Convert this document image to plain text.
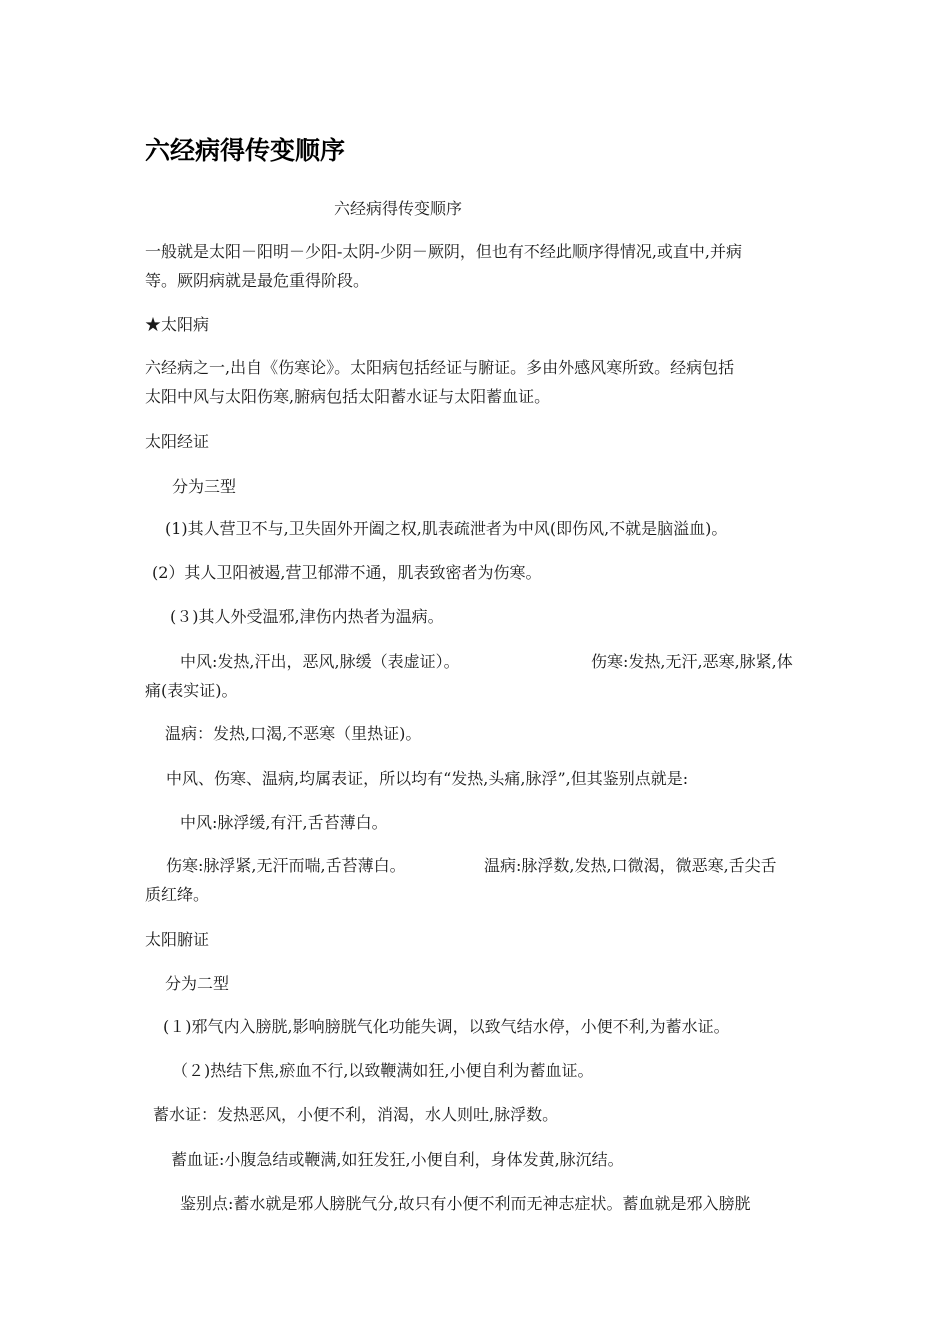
六经病得传变顺序
六经病得传变顺序
一般就是太阳－阳明－少阳-太阴-少阴－厥阴，但也有不经此顺序得情况,或直中,并病
等。厥阴病就是最危重得阶段。
★太阳病
六经病之一,出自《伤寒论》。太阳病包括经证与腑证。多由外感风寒所致。经病包括
太阳中风与太阳伤寒,腑病包括太阳蓄水证与太阳蓄血证。
太阳经证
分为三型
(1)其人营卫不与,卫失固外开阖之权,肌表疏泄者为中风(即伤风,不就是脑溢血)。
(2）其人卫阳被遏,营卫郁滞不通，肌表致密者为伤寒。
(３)其人外受温邪,津伤内热者为温病。
中风:发热,汗出，恶风,脉缓（表虚证）。	伤寒:发热,无汗,恶寒,脉紧,体
痛(表实证)。
温病：发热,口渴,不恶寒（里热证)。
中风、伤寒、温病,均属表证，所以均有“发热,头痛,脉浮”,但其鉴别点就是:
中风:脉浮缓,有汗,舌苔薄白。
伤寒:脉浮紧,无汗而喘,舌苔薄白。	温病:脉浮数,发热,口微渴，微恶寒,舌尖舌
质红绛。
太阳腑证
分为二型
(１)邪气内入膀胱,影响膀胱气化功能失调，以致气结水停，小便不利,为蓄水证。
（２)热结下焦,瘀血不行,以致鞭满如狂,小便自利为蓄血证。
蓄水证：发热恶风，小便不利，消渴，水人则吐,脉浮数。
蓄血证:小腹急结或鞭满,如狂发狂,小便自利，身体发黄,脉沉结。
鉴别点:蓄水就是邪人膀胱气分,故只有小便不利而无神志症状。蓄血就是邪入膀胱
